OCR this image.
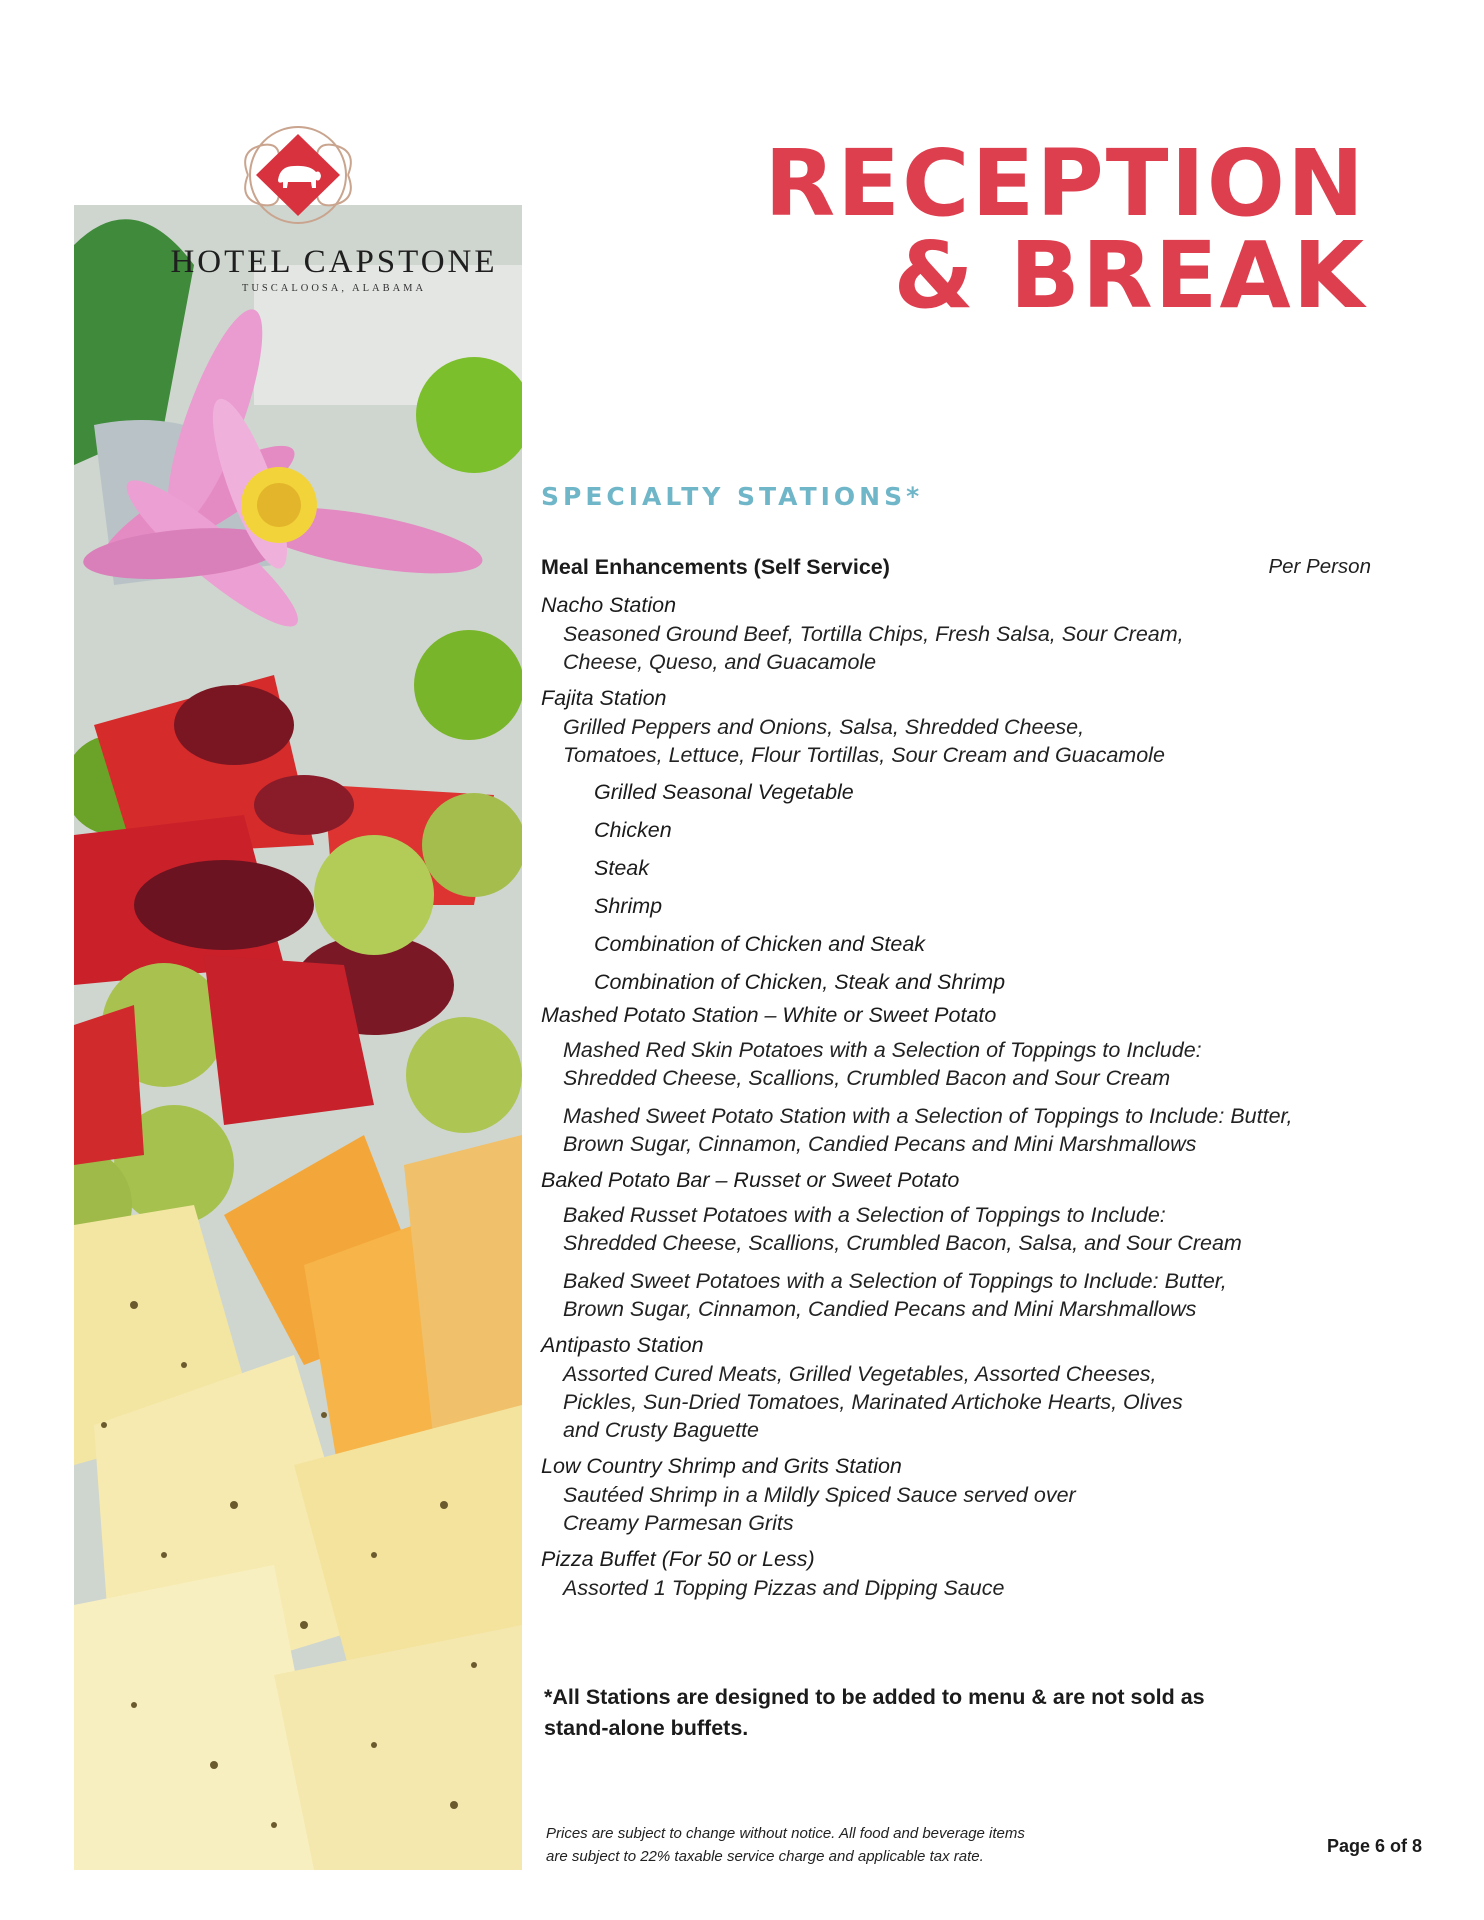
HOTEL CAPSTONE
TUSCALOOSA, ALABAMA
RECEPTION
& BREAK
SPECIALTY STATIONS*
Meal Enhancements (Self Service)	Per Person
Nacho Station
Seasoned Ground Beef, Tortilla Chips, Fresh Salsa, Sour Cream,
Cheese, Queso, and Guacamole
Fajita Station
Grilled Peppers and Onions, Salsa, Shredded Cheese,
Tomatoes, Lettuce, Flour Tortillas, Sour Cream and Guacamole
Grilled Seasonal Vegetable
Chicken
Steak
Shrimp
Combination of Chicken and Steak
Combination of Chicken, Steak and Shrimp
Mashed Potato Station – White or Sweet Potato
Mashed Red Skin Potatoes with a Selection of Toppings to Include:
Shredded Cheese, Scallions, Crumbled Bacon and Sour Cream
Mashed Sweet Potato Station with a Selection of Toppings to Include: Butter,
Brown Sugar, Cinnamon, Candied Pecans and Mini Marshmallows
Baked Potato Bar – Russet or Sweet Potato
Baked Russet Potatoes with a Selection of Toppings to Include:
Shredded Cheese, Scallions, Crumbled Bacon, Salsa, and Sour Cream
Baked Sweet Potatoes with a Selection of Toppings to Include: Butter,
Brown Sugar, Cinnamon, Candied Pecans and Mini Marshmallows
Antipasto Station
Assorted Cured Meats, Grilled Vegetables, Assorted Cheeses,
Pickles, Sun-Dried Tomatoes, Marinated Artichoke Hearts, Olives
and Crusty Baguette
Low Country Shrimp and Grits Station
Sautéed Shrimp in a Mildly Spiced Sauce served over
Creamy Parmesan Grits
Pizza Buffet (For 50 or Less)
Assorted 1 Topping Pizzas and Dipping Sauce
*All Stations are designed to be added to menu & are not sold as
stand-alone buffets.
Prices are subject to change without notice. All food and beverage items
are subject to 22% taxable service charge and applicable tax rate.
Page 6 of 8
